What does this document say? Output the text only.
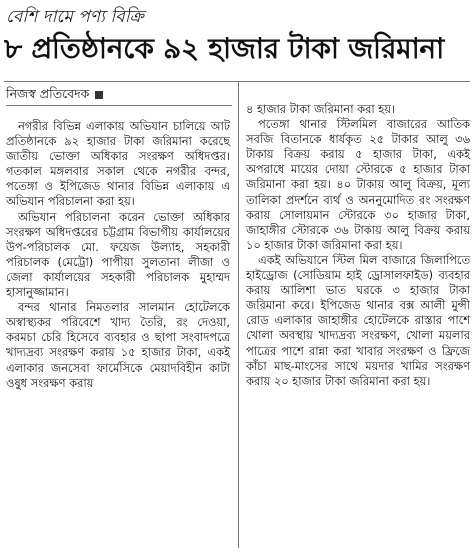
বেশি দামে পণ্য বিক্রি
৮ প্রতিষ্ঠানকে ৯২ হাজার টাকা জরিমানা
নিজস্ব প্রতিবেদক

নগরীর বিভিন্ন এলাকায় অভিযান চালিয়ে আট প্রতিষ্ঠানকে ৯২ হাজার টাকা জরিমানা করেছে জাতীয় ভোক্তা অধিকার সংরক্ষণ অধিদপ্তর। গতকাল মঙ্গলবার সকাল থেকে নগরীর বন্দর, পতেঙ্গা ও ইপিজেড থানার বিভিন্ন এলাকায় এ অভিযান পরিচালনা করা হয়।

অভিযান পরিচালনা করেন ভোক্তা অধিকার সংরক্ষণ অধিদপ্তরের চট্টগ্রাম বিভাগীয় কার্যালয়ের উপ-পরিচালক মো. ফয়েজ উল্যাহ, সহকারী পরিচালক (মেট্রো) পাপীয়া সুলতানা লীজা ও জেলা কার্যালয়ের সহকারী পরিচালক মুহাম্মদ হাসানুজ্জামান।

বন্দর থানার নিমতলার সালমান হোটেলকে অস্বাস্থ্যকর পরিবেশে খাদ্য তৈরি, রং দেওয়া, করমচা চেরি হিসেবে ব্যবহার ও ছাপা সংবাদপত্রে খাদ্যদ্রব্য সংরক্ষণ করায় ১৫ হাজার টাকা, একই এলাকার জনসেবা ফার্মেসিকে মেয়াদবিহীন কাটা ওষুধ সংরক্ষণ করায়

৪ হাজার টাকা জরিমানা করা হয়।

পতেঙ্গা থানার স্টিলমিল বাজারের আতিক সবজি বিতানকে ধার্যকৃত ২৫ টাকার আলু ৩৬ টাকায় বিক্রয় করায় ৫ হাজার টাকা, একই অপরাধে মায়ের দোয়া স্টোরকে ৫ হাজার টাকা জরিমানা করা হয়। ৪০ টাকায় আলু বিক্রয়, মূল্য তালিকা প্রদর্শনে ব্যর্থ ও অননুমোদিত রং সংরক্ষণ করায় সোলায়মান স্টোরকে ৩০ হাজার টাকা, জাহাঙ্গীর স্টোরকে ৩৬ টাকায় আলু বিক্রয় করায় ১০ হাজার টাকা জরিমানা করা হয়।

একই অভিযানে স্টিল মিল বাজারে জিলাপিতে হাইড্রোজ (সোডিয়াম হাই ড্রোসালফাইড) ব্যবহার করায় আলিশা ভাত ঘরকে ৩ হাজার টাকা জরিমানা করে। ইপিজেড থানার বক্স আলী মুন্সী রোড এলাকার জাহাঙ্গীর হোটেলকে রাস্তার পাশে খোলা অবস্থায় খাদ্যদ্রব্য সংরক্ষণ, খোলা ময়লার পাত্রের পাশে রান্না করা খাবার সংরক্ষণ ও ফ্রিজে কাঁচা মাছ-মাংসের সাথে ময়দার খামির সংরক্ষণ করায় ২০ হাজার টাকা জরিমানা করা হয়।
